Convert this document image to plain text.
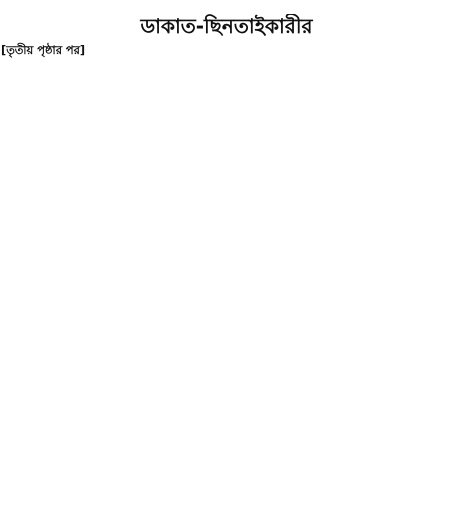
ডাকাত-ছিনতাইকারীর
[তৃতীয় পৃষ্ঠার পর]
